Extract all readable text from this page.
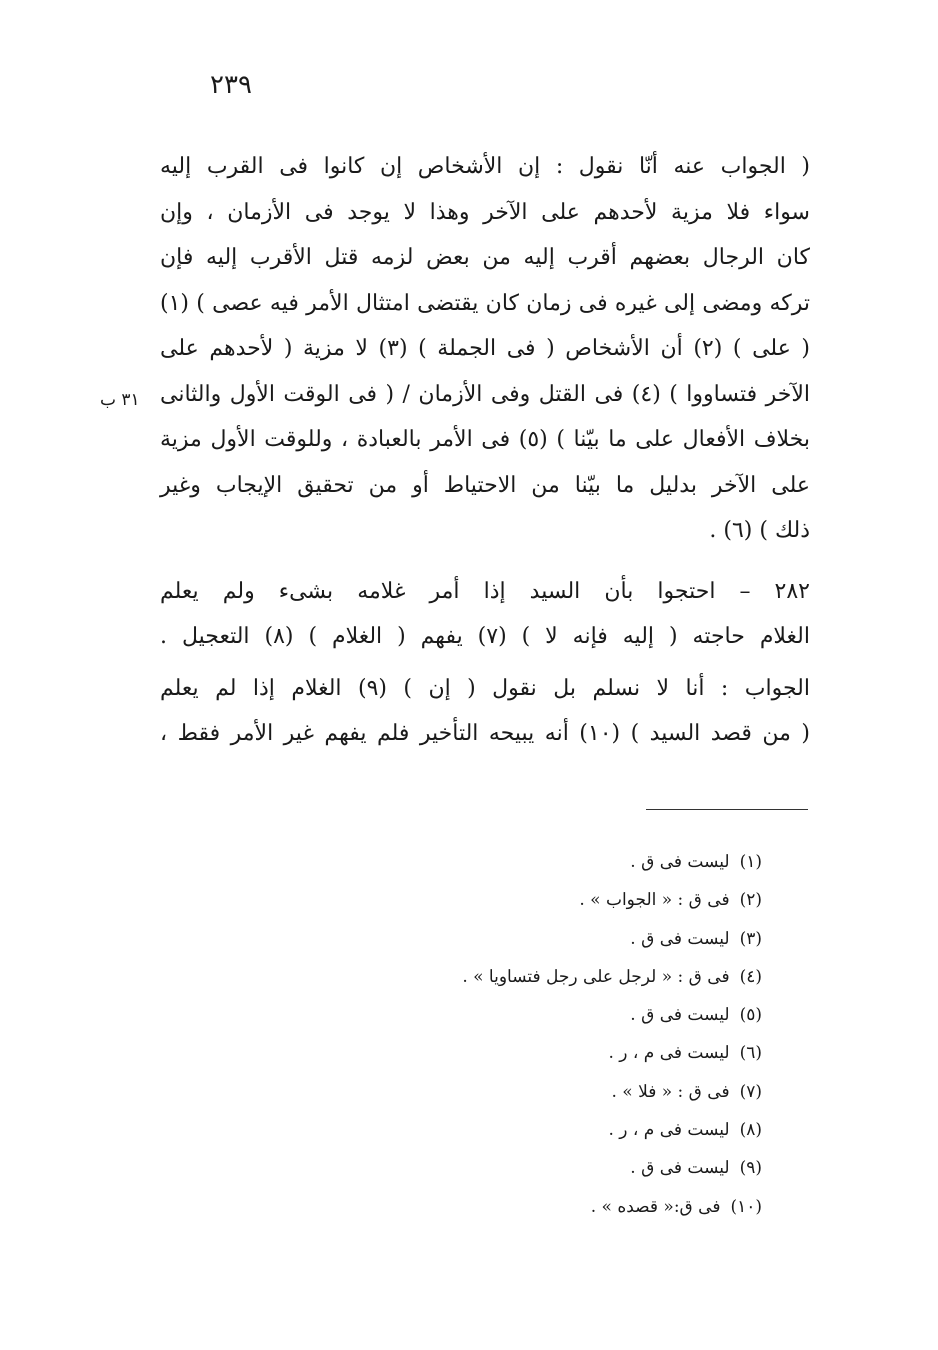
٢٣٩
٣١ ب
( الجواب عنه أنّا نقول : إن الأشخاص إن كانوا فى القرب إليه
سواء فلا مزية لأحدهم على الآخر وهذا لا يوجد فى الأزمان ، وإن
كان الرجال بعضهم أقرب إليه من بعض لزمه قتل الأقرب إليه فإن
تركه ومضى إلى غيره فى زمان كان يقتضى امتثال الأمر فيه عصى ) (١)
( على ) (٢) أن الأشخاص ( فى الجملة ) (٣) لا مزية ( لأحدهم على
الآخر فتساووا ) (٤) فى القتل وفى الأزمان / ( فى الوقت الأول والثانى
بخلاف الأفعال على ما بيّنا ) (٥) فى الأمر بالعبادة ، وللوقت الأول مزية
على الآخر بدليل ما بيّنا من الاحتياط أو من تحقيق الإيجاب وغير
ذلك ) (٦) .
٢٨٢ – احتجوا بأن السيد إذا أمر غلامه بشىء ولم يعلم
الغلام حاجته ( إليه فإنه لا ) (٧) يفهم ( الغلام ) (٨) التعجيل .
الجواب : أنا لا نسلم بل نقول ( إن ) (٩) الغلام إذا لم يعلم
( من قصد السيد ) (١٠) أنه يبيحه التأخير فلم يفهم غير الأمر فقط ،
(١)ليست فى ق .
(٢)فى ق : « الجواب » .
(٣)ليست فى ق .
(٤)فى ق : « لرجل على رجل فتساويا » .
(٥)ليست فى ق .
(٦)ليست فى م ، ر .
(٧)فى ق : « فلا » .
(٨)ليست فى م ، ر .
(٩)ليست فى ق .
(١٠)فى ق:« قصده » .
